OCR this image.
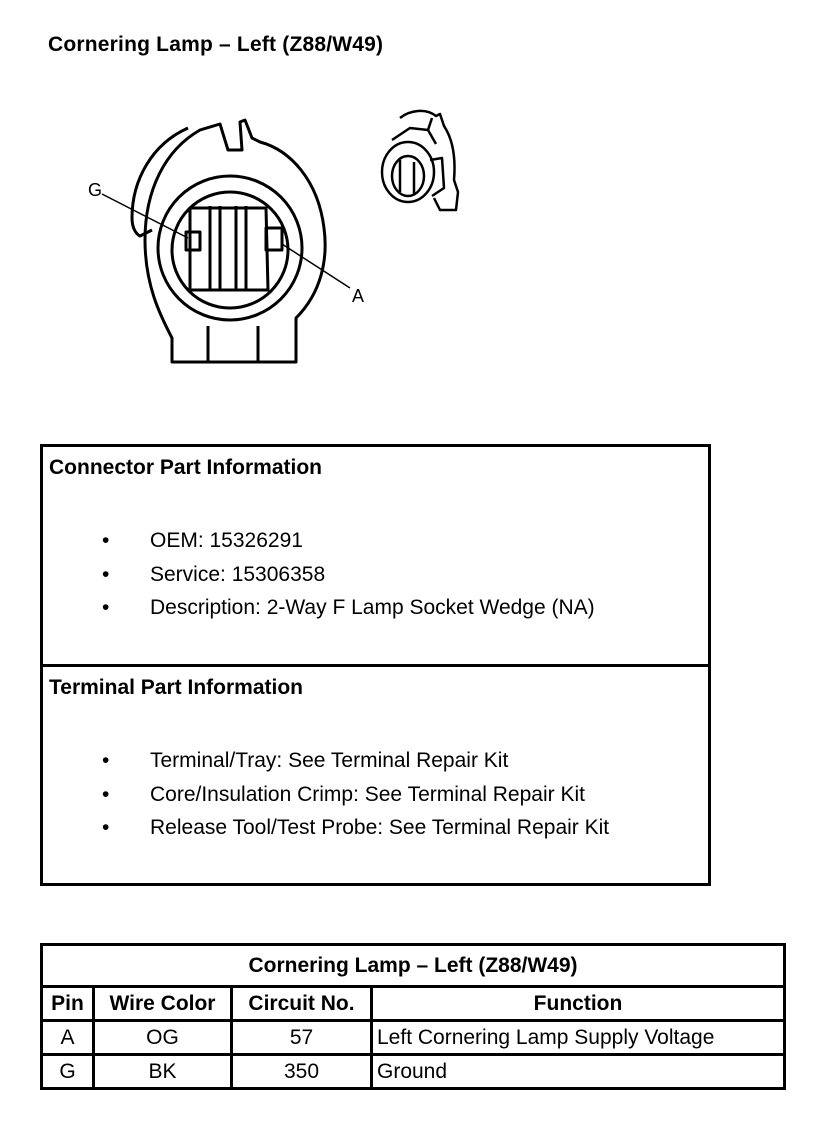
Cornering Lamp – Left (Z88/W49)
G
A
Connector Part Information
• OEM: 15326291
• Service: 15306358
• Description: 2-Way F Lamp Socket Wedge (NA)
Terminal Part Information
• Terminal/Tray: See Terminal Repair Kit
• Core/Insulation Crimp: See Terminal Repair Kit
• Release Tool/Test Probe: See Terminal Repair Kit
Cornering Lamp – Left (Z88/W49)			
Pin	Wire Color	Circuit No.	Function
A	OG	57	Left Cornering Lamp Supply Voltage
G	BK	350	Ground
